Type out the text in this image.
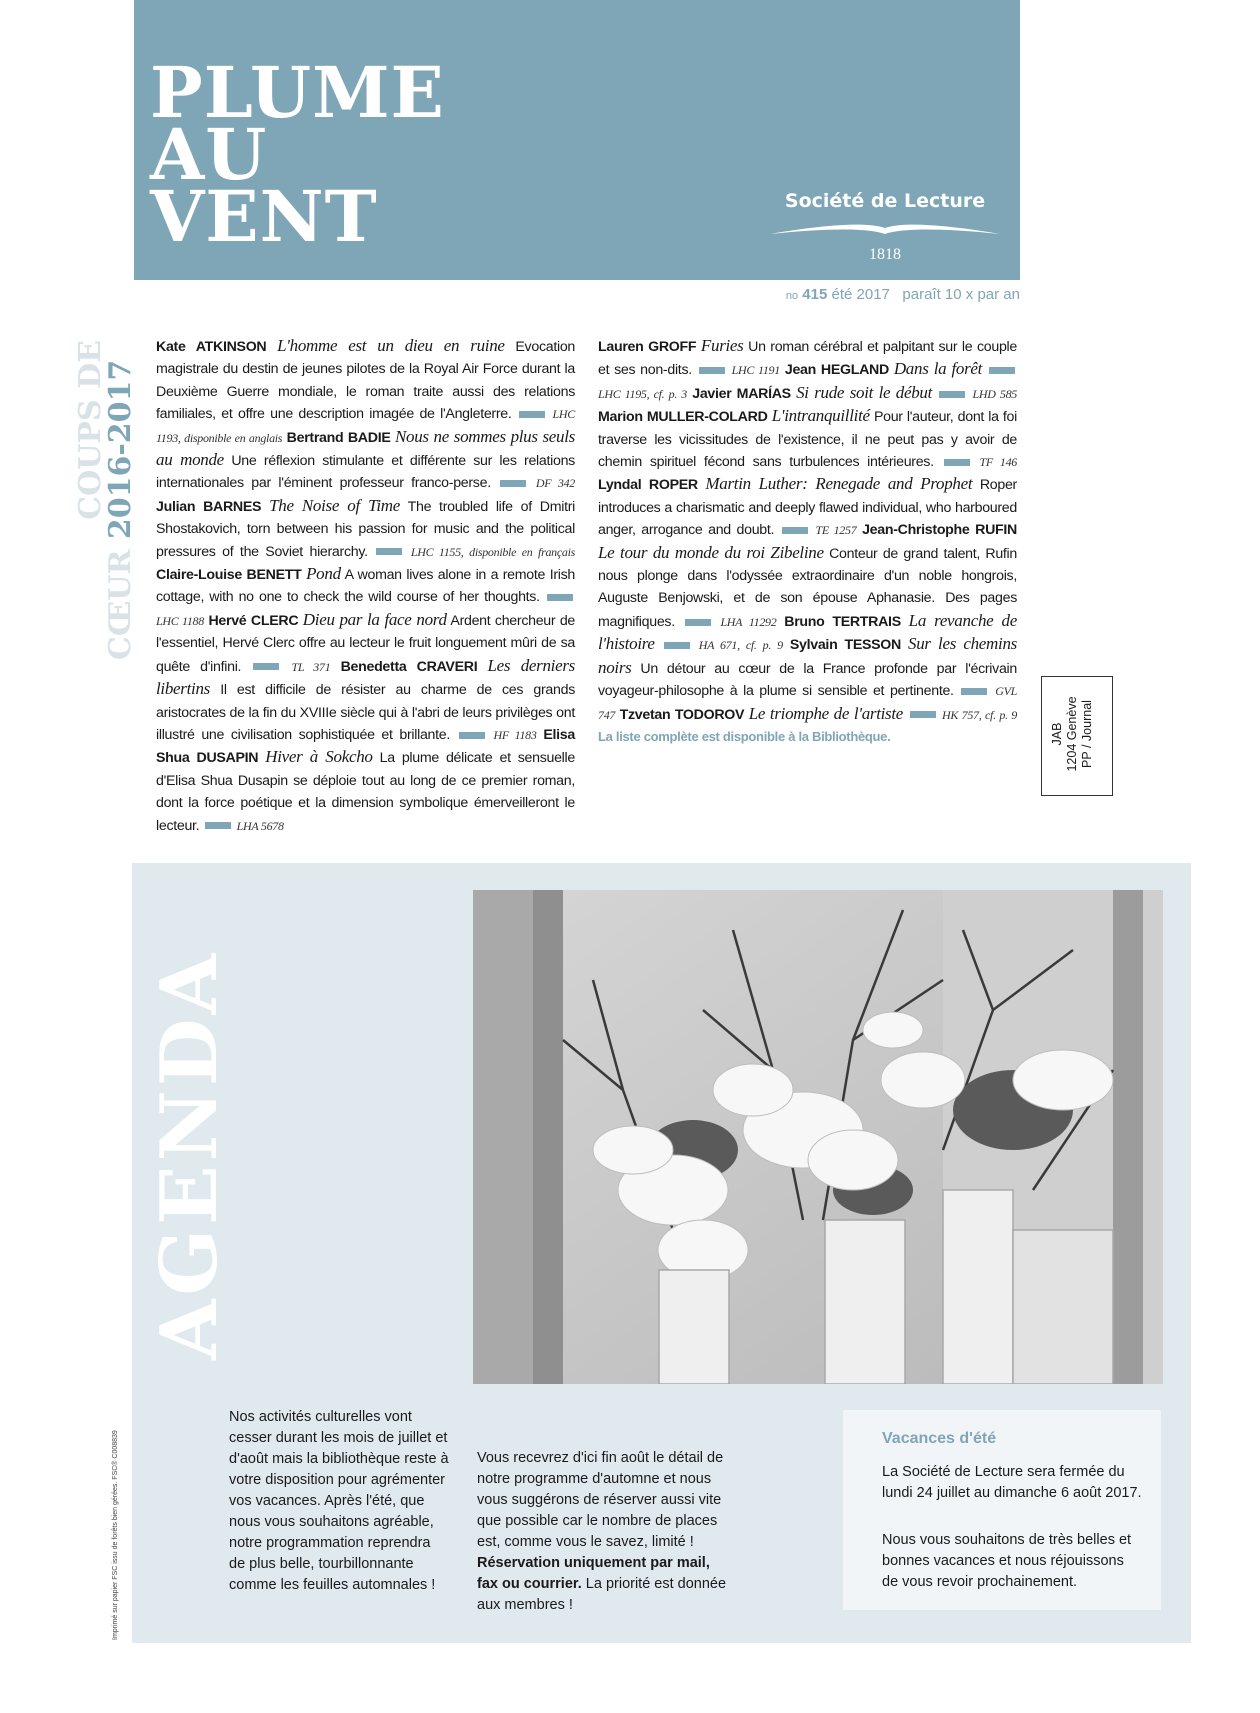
PLUME
AU
VENT	Société de Lecture
1818
no 415 été 2017 paraît 10 x par an
COUPS DE
CŒUR 2016-2017
Kate ATKINSON L'homme est un dieu en ruine Evocation magistrale du destin de jeunes pilotes de la Royal Air Force durant la Deuxième Guerre mondiale, le roman traite aussi des relations familiales, et offre une description imagée de l'Angleterre.	LHC 1193, disponible en anglais Bertrand BADIE Nous ne sommes plus seuls au monde Une réflexion stimulante et différente sur les relations internationales par l'éminent professeur franco-perse.	DF 342 Julian BARNES The Noise of Time The troubled life of Dmitri Shostakovich, torn between his passion for music and the political pressures of the Soviet hierarchy.	LHC 1155, disponible en français Claire-Louise BENETT Pond A woman lives alone in a remote Irish cottage, with no one to check the wild course of her thoughts.  LHC 1188 Hervé CLERC Dieu par la face nord Ardent chercheur de l'essentiel, Hervé Clerc offre au lecteur le fruit longuement mûri de sa quête d'infini.	TL 371 Benedetta CRAVERI Les derniers libertins Il est difficile de résister au charme de ces grands aristocrates de la fin du XVIIIe siècle qui à l'abri de leurs privilèges ont illustré une civilisation sophistiquée et brillante.	HF 1183 Elisa Shua DUSAPIN Hiver à Sokcho La plume délicate et sensuelle d'Elisa Shua Dusapin se déploie tout au long de ce premier roman, dont la force poétique et la dimension symbolique émerveilleront le lecteur.	LHA 5678
Lauren GROFF Furies Un roman cérébral et palpitant sur le couple et ses non-dits.	LHC 1191 Jean HEGLAND Dans la forêt  LHC 1195, cf. p. 3 Javier MARÍAS Si rude soit le début	LHD 585 Marion MULLER-COLARD L'intranquillité Pour l'auteur, dont la foi traverse les vicissitudes de l'existence, il ne peut pas y avoir de chemin spirituel fécond sans turbulences intérieures.	TF 146 Lyndal ROPER Martin Luther: Renegade and Prophet Roper introduces a charismatic and deeply flawed individual, who harboured anger, arrogance and doubt.	TE 1257 Jean-Christophe RUFIN Le tour du monde du roi Zibeline Conteur de grand talent, Rufin nous plonge dans l'odyssée extraordinaire d'un noble hongrois, Auguste Benjowski, et de son épouse Aphanasie. Des pages magnifiques.	LHA 11292 Bruno TERTRAIS La revanche de l'histoire	HA 671, cf. p. 9 Sylvain TESSON Sur les chemins noirs Un détour au cœur de la France profonde par l'écrivain voyageur-philosophe à la plume si sensible et pertinente.	GVL 747 Tzvetan TODOROV Le triomphe de l'artiste	HK 757, cf. p. 9 La liste complète est disponible à la Bibliothèque.	JAB 1204 Genève PP / Journal
AGENDA
Imprimé sur papier FSC issu de forêts bien gérées. FSC® C008839
Nos activités culturelles vont cesser durant les mois de juillet et d'août mais la bibliothèque reste à votre disposition pour agrémenter vos vacances. Après l'été, que nous vous souhaitons agréable, notre programmation reprendra de plus belle, tourbillonnante comme les feuilles automnales !
Vous recevrez d'ici fin août le détail de notre programme d'automne et nous vous suggérons de réserver aussi vite que possible car le nombre de places est, comme vous le savez, limité ! Réservation uniquement par mail, fax ou courrier. La priorité est donnée aux membres !
Vacances d'été
La Société de Lecture sera fermée du lundi 24 juillet au dimanche 6 août 2017.
Nous vous souhaitons de très belles et bonnes vacances et nous réjouissons de vous revoir prochainement.
